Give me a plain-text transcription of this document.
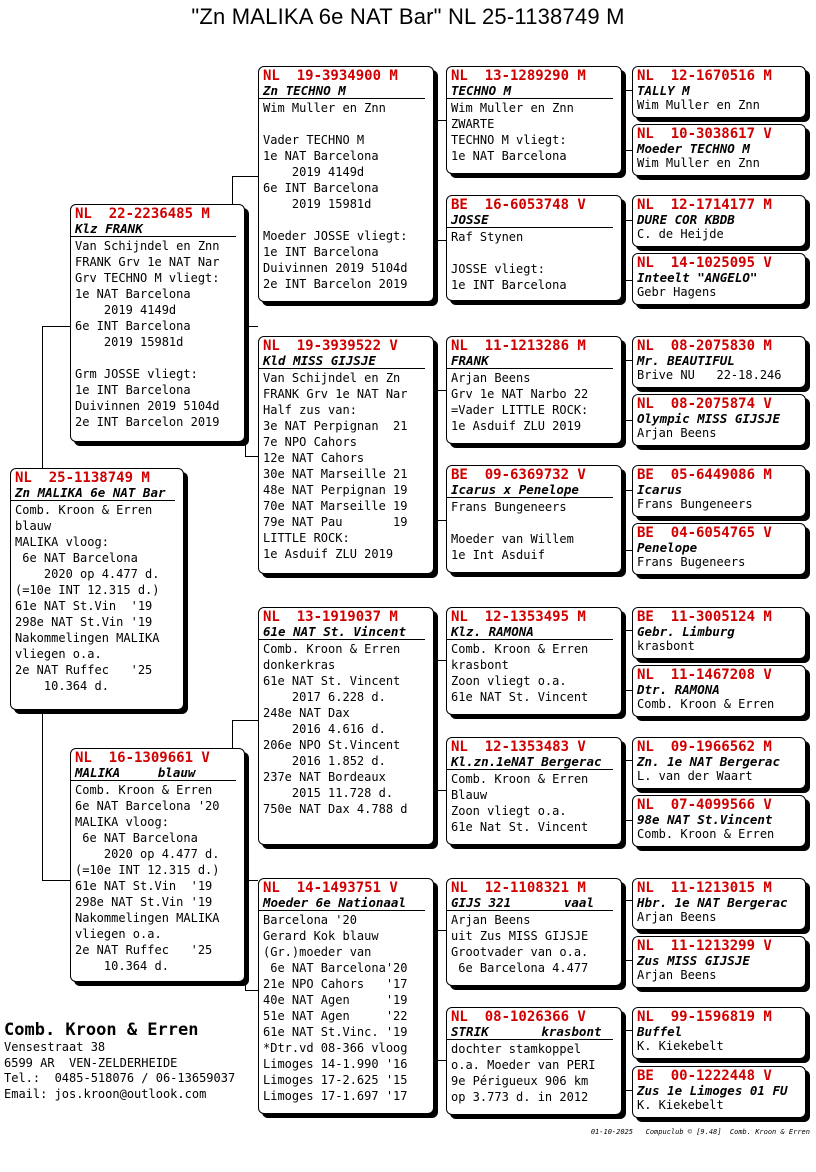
"Zn MALIKA 6e NAT Bar" NL 25-1138749 M
NL  25-1138749 M
Zn MALIKA 6e NAT Bar
Comb. Kroon & Erren
blauw
MALIKA vloog:
6e NAT Barcelona
2020 op 4.477 d.
(=10e INT 12.315 d.)
61e NAT St.Vin  '19
298e NAT St.Vin '19
Nakommelingen MALIKA
vliegen o.a.
2e NAT Ruffec   '25
10.364 d.
NL  22-2236485 M
Klz FRANK
Van Schijndel en Znn
FRANK Grv 1e NAT Nar
Grv TECHNO M vliegt:
1e NAT Barcelona
2019 4149d
6e INT Barcelona
2019 15981d

Grm JOSSE vliegt:
1e INT Barcelona
Duivinnen 2019 5104d
2e INT Barcelon 2019
NL  16-1309661 V
MALIKA     blauw
Comb. Kroon & Erren
6e NAT Barcelona '20
MALIKA vloog:
6e NAT Barcelona
2020 op 4.477 d.
(=10e INT 12.315 d.)
61e NAT St.Vin  '19
298e NAT St.Vin '19
Nakommelingen MALIKA
vliegen o.a.
2e NAT Ruffec   '25
10.364 d.
NL  19-3934900 M
Zn TECHNO M
Wim Muller en Znn

Vader TECHNO M
1e NAT Barcelona
2019 4149d
6e INT Barcelona
2019 15981d

Moeder JOSSE vliegt:
1e INT Barcelona
Duivinnen 2019 5104d
2e INT Barcelon 2019
NL  19-3939522 V
Kld MISS GIJSJE
Van Schijndel en Zn
FRANK Grv 1e NAT Nar
Half zus van:
3e NAT Perpignan  21
7e NPO Cahors
12e NAT Cahors
30e NAT Marseille 21
48e NAT Perpignan 19
70e NAT Marseille 19
79e NAT Pau       19
LITTLE ROCK:
1e Asduif ZLU 2019
NL  13-1919037 M
61e NAT St. Vincent
Comb. Kroon & Erren
donkerkras
61e NAT St. Vincent
2017 6.228 d.
248e NAT Dax
2016 4.616 d.
206e NPO St.Vincent
2016 1.852 d.
237e NAT Bordeaux
2015 11.728 d.
750e NAT Dax 4.788 d
NL  14-1493751 V
Moeder 6e Nationaal
Barcelona '20
Gerard Kok blauw
(Gr.)moeder van
6e NAT Barcelona'20
21e NPO Cahors   '17
40e NAT Agen     '19
51e NAT Agen     '22
61e NAT St.Vinc. '19
*Dtr.vd 08-366 vloog
Limoges 14-1.990 '16
Limoges 17-2.625 '15
Limoges 17-1.697 '17
NL  13-1289290 M
TECHNO M
Wim Muller en Znn
ZWARTE
TECHNO M vliegt:
1e NAT Barcelona
BE  16-6053748 V
JOSSE
Raf Stynen

JOSSE vliegt:
1e INT Barcelona
NL  11-1213286 M
FRANK
Arjan Beens
Grv 1e NAT Narbo 22
=Vader LITTLE ROCK:
1e Asduif ZLU 2019
BE  09-6369732 V
Icarus x Penelope
Frans Bungeneers

Moeder van Willem
1e Int Asduif
NL  12-1353495 M
Klz. RAMONA
Comb. Kroon & Erren
krasbont
Zoon vliegt o.a.
61e NAT St. Vincent
NL  12-1353483 V
Kl.zn.1eNAT Bergerac
Comb. Kroon & Erren
Blauw
Zoon vliegt o.a.
61e Nat St. Vincent
NL  12-1108321 M
GIJS 321       vaal
Arjan Beens
uit Zus MISS GIJSJE
Grootvader van o.a.
6e Barcelona 4.477
NL  08-1026366 V
STRIK       krasbont
dochter stamkoppel
o.a. Moeder van PERI
9e Périgueux 906 km
op 3.773 d. in 2012
NL  12-1670516 M
TALLY M
Wim Muller en Znn
NL  10-3038617 V
Moeder TECHNO M
Wim Muller en Znn
NL  12-1714177 M
DURE COR KBDB
C. de Heijde
NL  14-1025095 V
Inteelt "ANGELO"
Gebr Hagens
NL  08-2075830 M
Mr. BEAUTIFUL
Brive NU   22-18.246
NL  08-2075874 V
Olympic MISS GIJSJE
Arjan Beens
BE  05-6449086 M
Icarus
Frans Bungeneers
BE  04-6054765 V
Penelope
Frans Bugeneers
BE  11-3005124 M
Gebr. Limburg
krasbont
NL  11-1467208 V
Dtr. RAMONA
Comb. Kroon & Erren
NL  09-1966562 M
Zn. 1e NAT Bergerac
L. van der Waart
NL  07-4099566 V
98e NAT St.Vincent
Comb. Kroon & Erren
NL  11-1213015 M
Hbr. 1e NAT Bergerac
Arjan Beens
NL  11-1213299 V
Zus MISS GIJSJE
Arjan Beens
NL  99-1596819 M
Buffel
K. Kiekebelt
BE  00-1222448 V
Zus 1e Limoges 01 FU
K. Kiekebelt
Comb. Kroon & Erren
Vensestraat 38
6599 AR  VEN-ZELDERHEIDE
Tel.:  0485-518076 / 06-13659037
Email: jos.kroon@outlook.com
01-10-2025   Compuclub © [9.48]  Comb. Kroon & Erren
